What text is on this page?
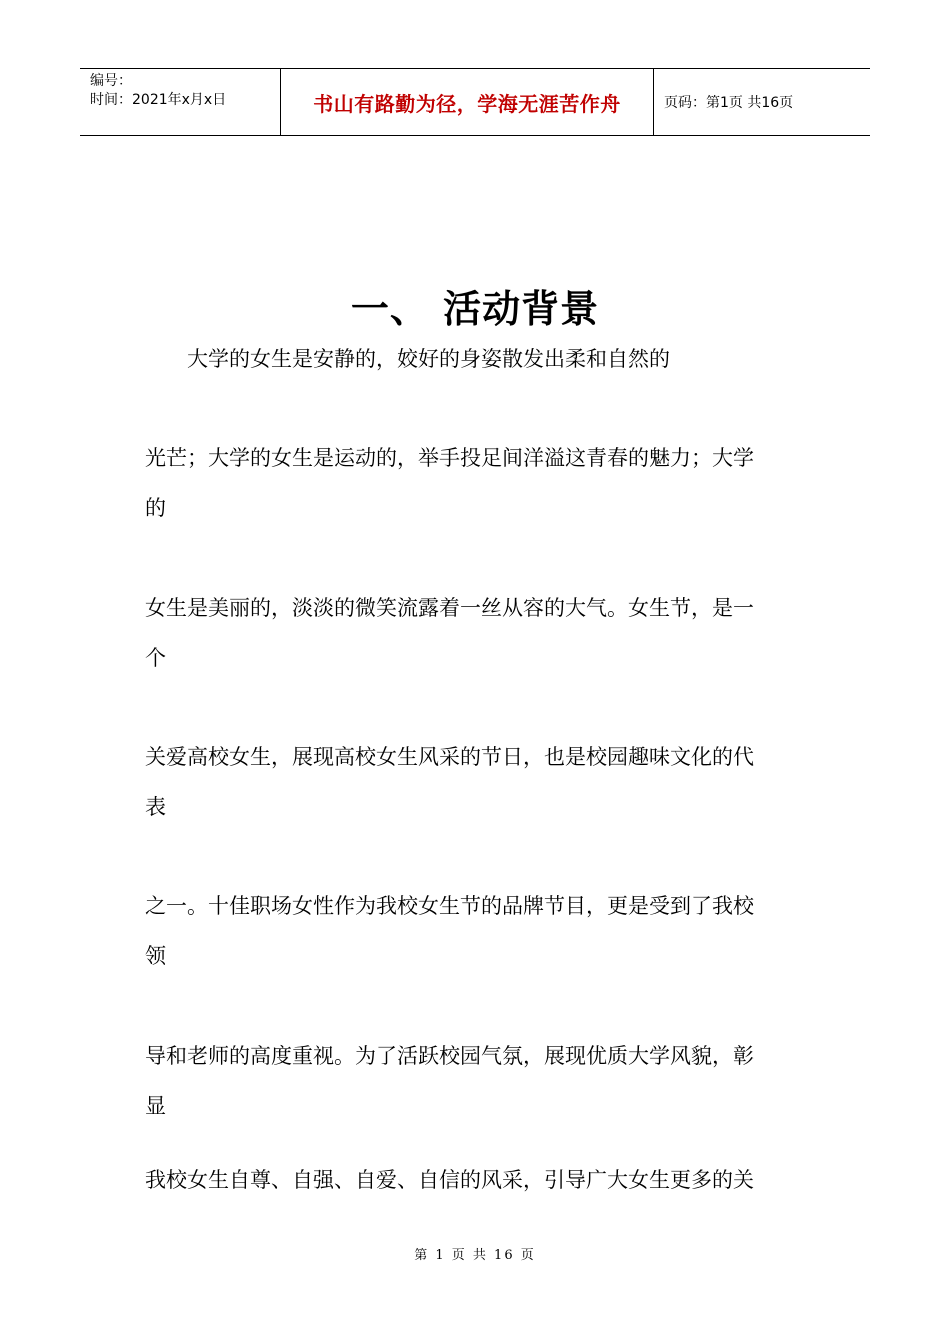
编号：
时间：2021年x月x日	书山有路勤为径，学海无涯苦作舟	页码：第1页 共16页
一、 活动背景
大学的女生是安静的，姣好的身姿散发出柔和自然的
光芒；大学的女生是运动的，举手投足间洋溢这青春的魅力；大学
的
女生是美丽的，淡淡的微笑流露着一丝从容的大气。女生节，是一
个
关爱高校女生，展现高校女生风采的节日，也是校园趣味文化的代
表
之一。十佳职场女性作为我校女生节的品牌节目，更是受到了我校
领
导和老师的高度重视。为了活跃校园气氛，展现优质大学风貌，彰
显
我校女生自尊、自强、自爱、自信的风采，引导广大女生更多的关
第 1 页 共 16 页
